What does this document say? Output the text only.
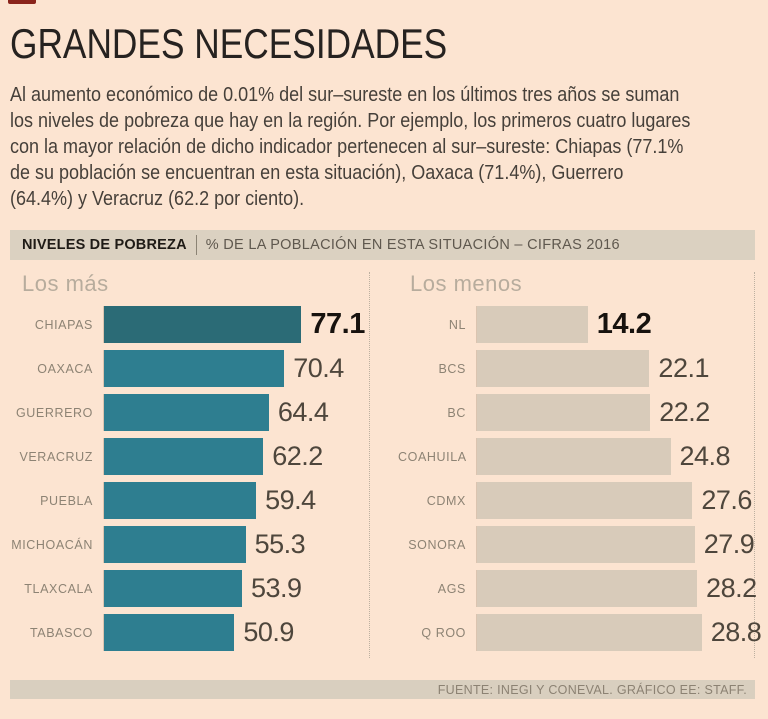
GRANDES NECESIDADES
Al aumento económico de 0.01% del sur–sureste en los últimos tres años se suman
los niveles de pobreza que hay en la región. Por ejemplo, los primeros cuatro lugares
con la mayor relación de dicho indicador pertenecen al sur–sureste: Chiapas (77.1%
de su población se encuentran en esta situación), Oaxaca (71.4%), Guerrero
(64.4%) y Veracruz (62.2 por ciento).
NIVELES DE POBREZA % DE LA POBLACIÓN EN ESTA SITUACIÓN – CIFRAS 2016
Los más
CHIAPAS	77.1
OAXACA	70.4
GUERRERO	64.4
VERACRUZ	62.2
PUEBLA	59.4
MICHOACÁN	55.3
TLAXCALA	53.9
TABASCO	50.9
Los menos
NL	14.2
BCS	22.1
BC	22.2
COAHUILA	24.8
CDMX	27.6
SONORA	27.9
AGS	28.2
Q ROO	28.8
FUENTE: INEGI Y CONEVAL. GRÁFICO EE: STAFF.
